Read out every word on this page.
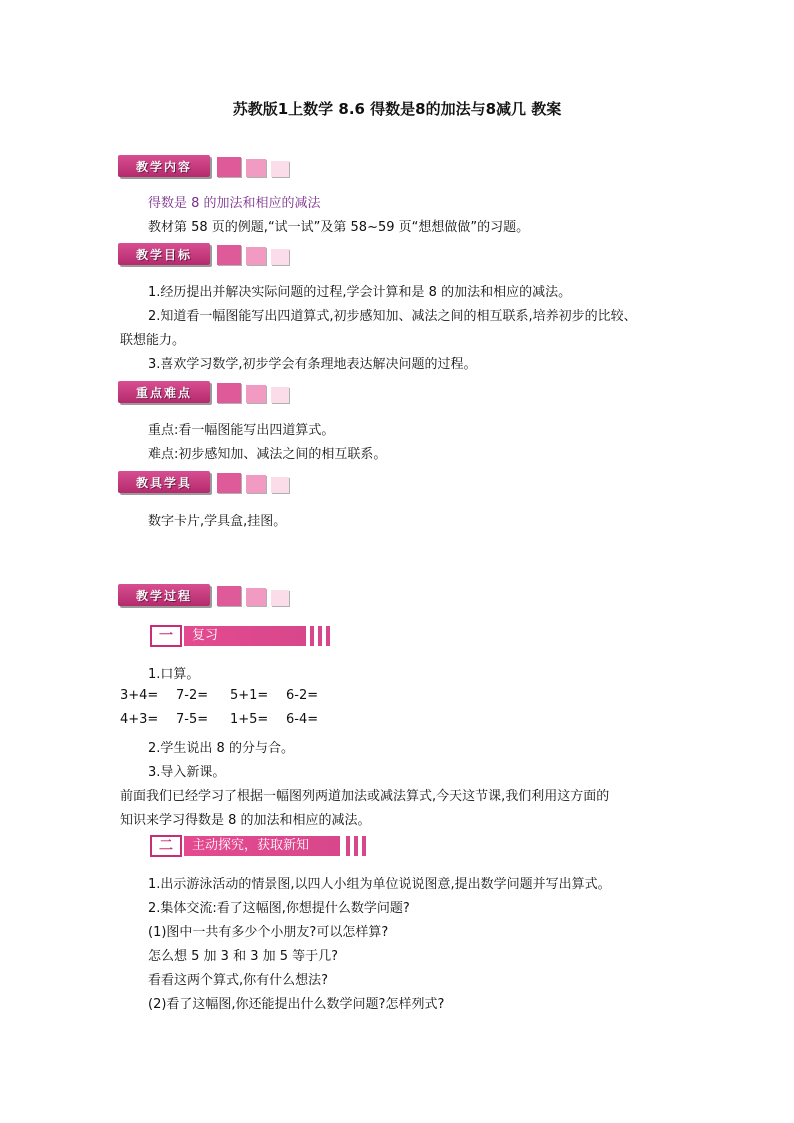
苏教版1上数学 8.6 得数是8的加法与8减几 教案
教学内容
得数是 8 的加法和相应的减法
教材第 58 页的例题,“试一试”及第 58~59 页“想想做做”的习题。
教学目标
1.经历提出并解决实际问题的过程,学会计算和是 8 的加法和相应的减法。
2.知道看一幅图能写出四道算式,初步感知加、减法之间的相互联系,培养初步的比较、
联想能力。
3.喜欢学习数学,初步学会有条理地表达解决问题的过程。
重点难点
重点:看一幅图能写出四道算式。
难点:初步感知加、减法之间的相互联系。
教具学具
数字卡片,学具盒,挂图。
教学过程
一	复习
1.口算。
3+4= 7-2= 5+1= 6-2=
4+3= 7-5= 1+5= 6-4=
2.学生说出 8 的分与合。
3.导入新课。
前面我们已经学习了根据一幅图列两道加法或减法算式,今天这节课,我们利用这方面的
知识来学习得数是 8 的加法和相应的减法。
二	主动探究，获取新知
1.出示游泳活动的情景图,以四人小组为单位说说图意,提出数学问题并写出算式。
2.集体交流:看了这幅图,你想提什么数学问题?
(1)图中一共有多少个小朋友?可以怎样算?
怎么想 5 加 3 和 3 加 5 等于几?
看看这两个算式,你有什么想法?
(2)看了这幅图,你还能提出什么数学问题?怎样列式?
